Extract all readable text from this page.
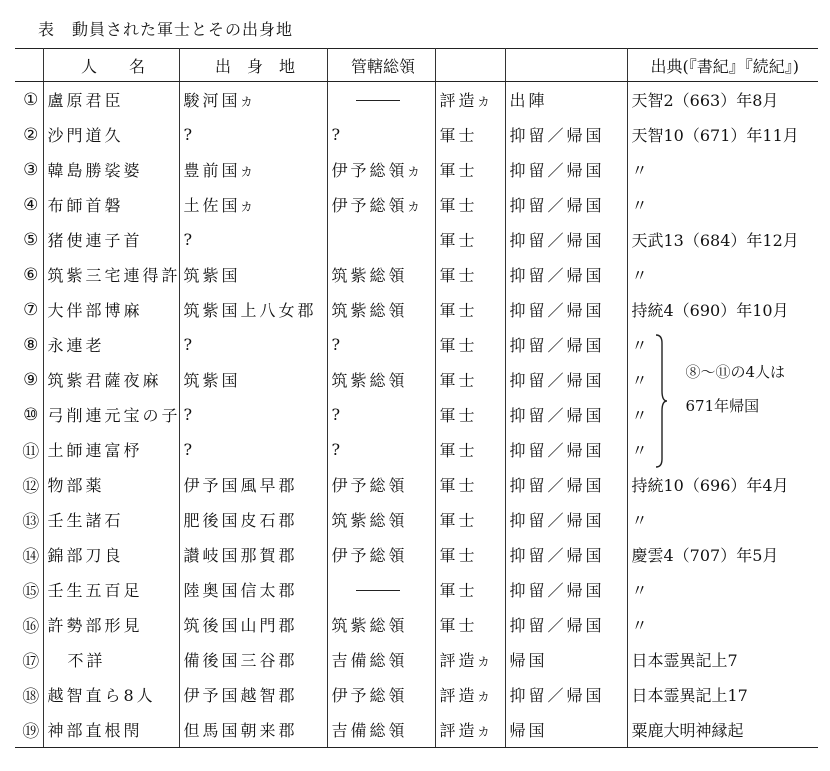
表　動員された軍士とその出身地
	人　　名	出　身　地	管轄総領			出典(『書紀』『続紀』)
①	盧原君臣	駿河国カ		評造カ	出陣	天智2（663）年8月
②	沙門道久	?	?	軍士	抑留／帰国	天智10（671）年11月
③	韓島勝裟婆	豊前国カ	伊予総領カ	軍士	抑留／帰国	〃
④	布師首磐	土佐国カ	伊予総領カ	軍士	抑留／帰国	〃
⑤	猪使連子首	?		軍士	抑留／帰国	天武13（684）年12月
⑥	筑紫三宅連得許	筑紫国	筑紫総領	軍士	抑留／帰国	〃
⑦	大伴部博麻	筑紫国上八女郡	筑紫総領	軍士	抑留／帰国	持統4（690）年10月
⑧	永連老	?	?	軍士	抑留／帰国	〃
⑧〜⑪の4人は
671年帰国

⑨	筑紫君薩夜麻	筑紫国	筑紫総領	軍士	抑留／帰国	〃
⑩	弓削連元宝の子	?	?	軍士	抑留／帰国	〃
⑪	土師連富杼	?	?	軍士	抑留／帰国	〃
⑫	物部薬	伊予国風早郡	伊予総領	軍士	抑留／帰国	持統10（696）年4月
⑬	壬生諸石	肥後国皮石郡	筑紫総領	軍士	抑留／帰国	〃
⑭	錦部刀良	讃岐国那賀郡	伊予総領	軍士	抑留／帰国	慶雲4（707）年5月
⑮	壬生五百足	陸奥国信太郡		軍士	抑留／帰国	〃
⑯	許勢部形見	筑後国山門郡	筑紫総領	軍士	抑留／帰国	〃
⑰	不詳	備後国三谷郡	吉備総領	評造カ	帰国	日本霊異記上7
⑱	越智直ら8人	伊予国越智郡	伊予総領	評造カ	抑留／帰国	日本霊異記上17
⑲	神部直根閇	但馬国朝来郡	吉備総領	評造カ	帰国	粟鹿大明神縁起
